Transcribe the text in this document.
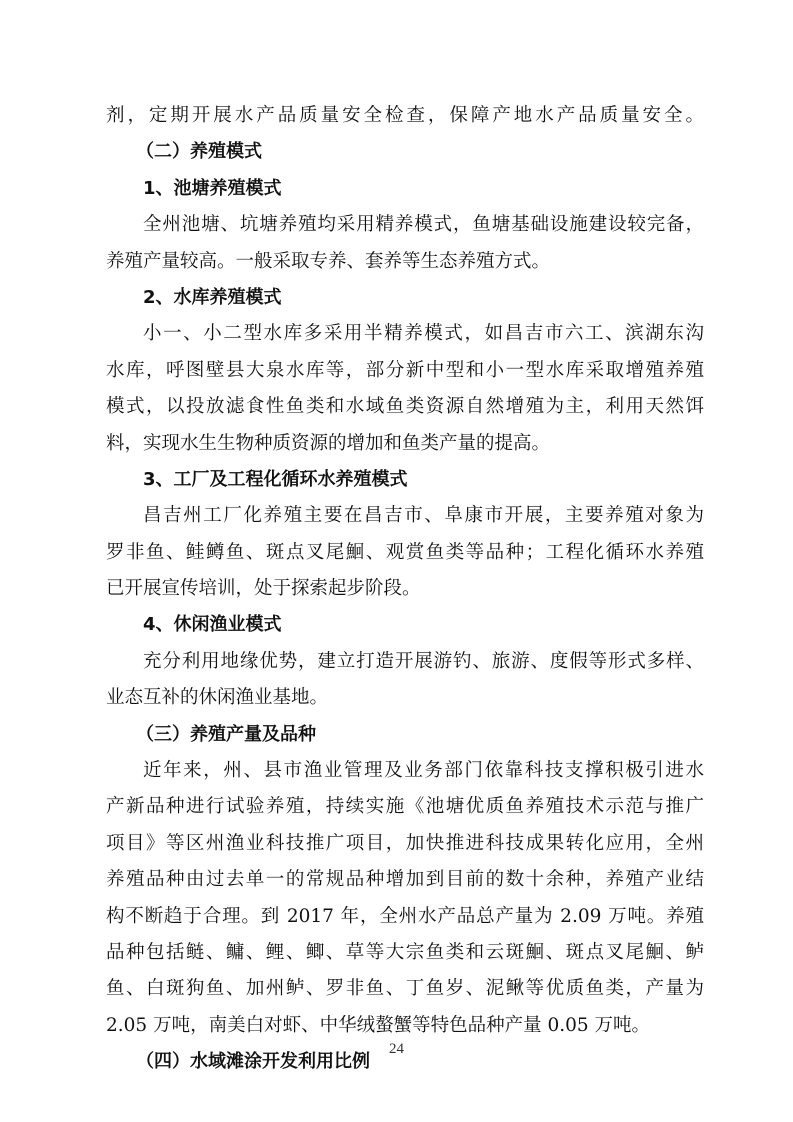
剂，定期开展水产品质量安全检查，保障产地水产品质量安全。
（二）养殖模式
1、池塘养殖模式
全州池塘、坑塘养殖均采用精养模式，鱼塘基础设施建设较完备，
养殖产量较高。一般采取专养、套养等生态养殖方式。
2、水库养殖模式
小一、小二型水库多采用半精养模式，如昌吉市六工、滨湖东沟
水库，呼图壁县大泉水库等，部分新中型和小一型水库采取增殖养殖
模式，以投放滤食性鱼类和水域鱼类资源自然增殖为主，利用天然饵
料，实现水生生物种质资源的增加和鱼类产量的提高。
3、工厂及工程化循环水养殖模式
昌吉州工厂化养殖主要在昌吉市、阜康市开展，主要养殖对象为
罗非鱼、鲑鳟鱼、斑点叉尾鮰、观赏鱼类等品种；工程化循环水养殖
已开展宣传培训，处于探索起步阶段。
4、休闲渔业模式
充分利用地缘优势，建立打造开展游钓、旅游、度假等形式多样、
业态互补的休闲渔业基地。
（三）养殖产量及品种
近年来，州、县市渔业管理及业务部门依靠科技支撑积极引进水
产新品种进行试验养殖，持续实施《池塘优质鱼养殖技术示范与推广
项目》等区州渔业科技推广项目，加快推进科技成果转化应用，全州
养殖品种由过去单一的常规品种增加到目前的数十余种，养殖产业结
构不断趋于合理。到 2017 年，全州水产品总产量为 2.09 万吨。养殖
品种包括鲢、鳙、鲤、鲫、草等大宗鱼类和云斑鮰、斑点叉尾鮰、鲈
鱼、白斑狗鱼、加州鲈、罗非鱼、丁鱼岁、泥鳅等优质鱼类，产量为
2.05 万吨，南美白对虾、中华绒螯蟹等特色品种产量 0.05 万吨。
（四）水域滩涂开发利用比例
24
